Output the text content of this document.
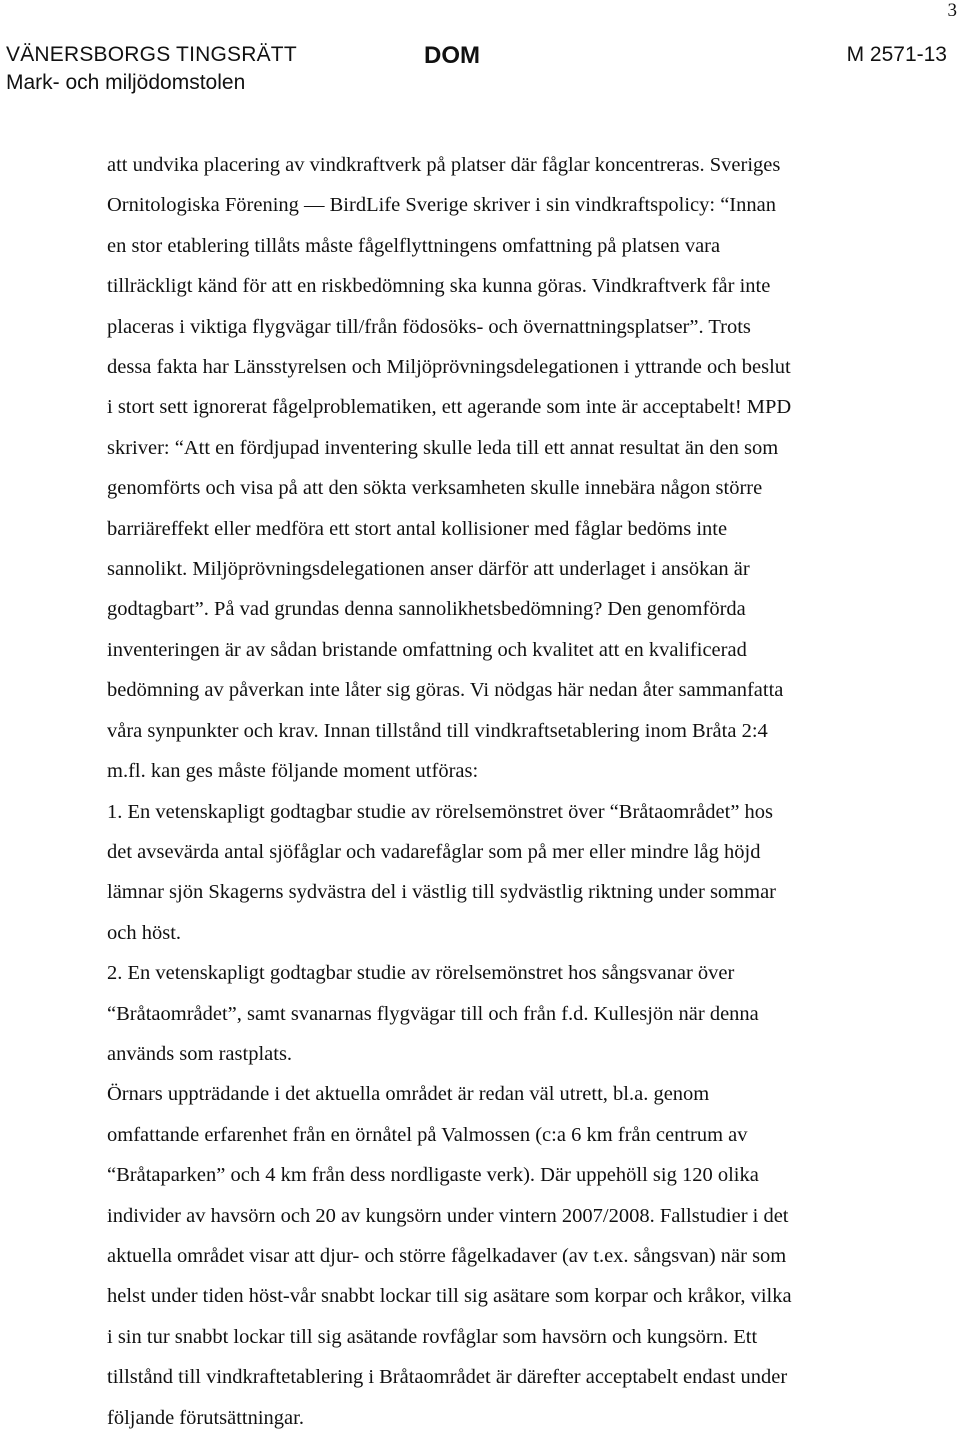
3
VÄNERSBORGS TINGSRÄTT
Mark- och miljödomstolen
DOM	M 2571-13

att undvika placering av vindkraftverk på platser där fåglar koncentreras. Sveriges

Ornitologiska Förening — BirdLife Sverige skriver i sin vindkraftspolicy: “Innan

en stor etablering tillåts måste fågelflyttningens omfattning på platsen vara

tillräckligt känd för att en riskbedömning ska kunna göras. Vindkraftverk får inte

placeras i viktiga flygvägar till/från födosöks- och övernattningsplatser”. Trots

dessa fakta har Länsstyrelsen och Miljöprövningsdelegationen i yttrande och beslut

i stort sett ignorerat fågelproblematiken, ett agerande som inte är acceptabelt! MPD

skriver: “Att en fördjupad inventering skulle leda till ett annat resultat än den som

genomförts och visa på att den sökta verksamheten skulle innebära någon större

barriäreffekt eller medföra ett stort antal kollisioner med fåglar bedöms inte

sannolikt. Miljöprövningsdelegationen anser därför att underlaget i ansökan är

godtagbart”. På vad grundas denna sannolikhetsbedömning? Den genomförda

inventeringen är av sådan bristande omfattning och kvalitet att en kvalificerad

bedömning av påverkan inte låter sig göras. Vi nödgas här nedan åter sammanfatta

våra synpunkter och krav. Innan tillstånd till vindkraftsetablering inom Bråta 2:4

m.fl. kan ges måste följande moment utföras:

1. En vetenskapligt godtagbar studie av rörelsemönstret över “Bråtaområdet” hos

det avsevärda antal sjöfåglar och vadarefåglar som på mer eller mindre låg höjd

lämnar sjön Skagerns sydvästra del i västlig till sydvästlig riktning under sommar

och höst.

2. En vetenskapligt godtagbar studie av rörelsemönstret hos sångsvanar över

“Bråtaområdet”, samt svanarnas flygvägar till och från f.d. Kullesjön när denna

används som rastplats.

Örnars uppträdande i det aktuella området är redan väl utrett, bl.a. genom

omfattande erfarenhet från en örnåtel på Valmossen (c:a 6 km från centrum av

“Bråtaparken” och 4 km från dess nordligaste verk). Där uppehöll sig 120 olika

individer av havsörn och 20 av kungsörn under vintern 2007/2008. Fallstudier i det

aktuella området visar att djur- och större fågelkadaver (av t.ex. sångsvan) när som

helst under tiden höst-vår snabbt lockar till sig asätare som korpar och kråkor, vilka

i sin tur snabbt lockar till sig asätande rovfåglar som havsörn och kungsörn. Ett

tillstånd till vindkraftetablering i Bråtaområdet är därefter acceptabelt endast under

följande förutsättningar.
